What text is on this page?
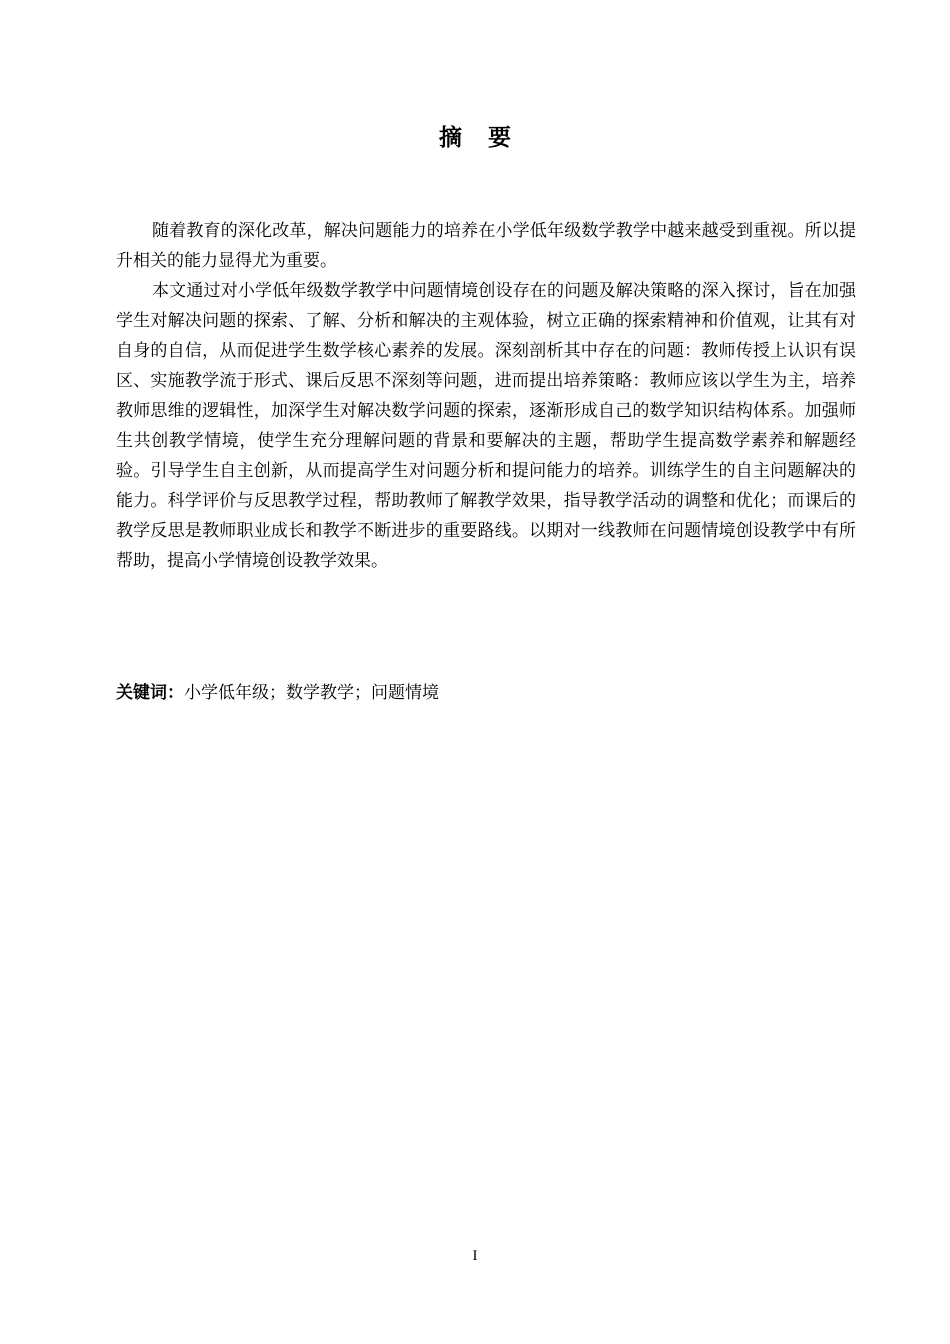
摘要

随着教育的深化改革，解决问题能力的培养在小学低年级数学教学中越来越受到重视。所以提升相关的能力显得尤为重要。

本文通过对小学低年级数学教学中问题情境创设存在的问题及解决策略的深入探讨，旨在加强学生对解决问题的探索、了解、分析和解决的主观体验，树立正确的探索精神和价值观，让其有对自身的自信，从而促进学生数学核心素养的发展。深刻剖析其中存在的问题：教师传授上认识有误区、实施教学流于形式、课后反思不深刻等问题，进而提出培养策略：教师应该以学生为主，培养教师思维的逻辑性，加深学生对解决数学问题的探索，逐渐形成自己的数学知识结构体系。加强师生共创教学情境，使学生充分理解问题的背景和要解决的主题，帮助学生提高数学素养和解题经验。引导学生自主创新，从而提高学生对问题分析和提问能力的培养。训练学生的自主问题解决的能力。科学评价与反思教学过程，帮助教师了解教学效果，指导教学活动的调整和优化；而课后的教学反思是教师职业成长和教学不断进步的重要路线。以期对一线教师在问题情境创设教学中有所帮助，提高小学情境创设教学效果。

关键词：小学低年级；数学教学；问题情境
I
